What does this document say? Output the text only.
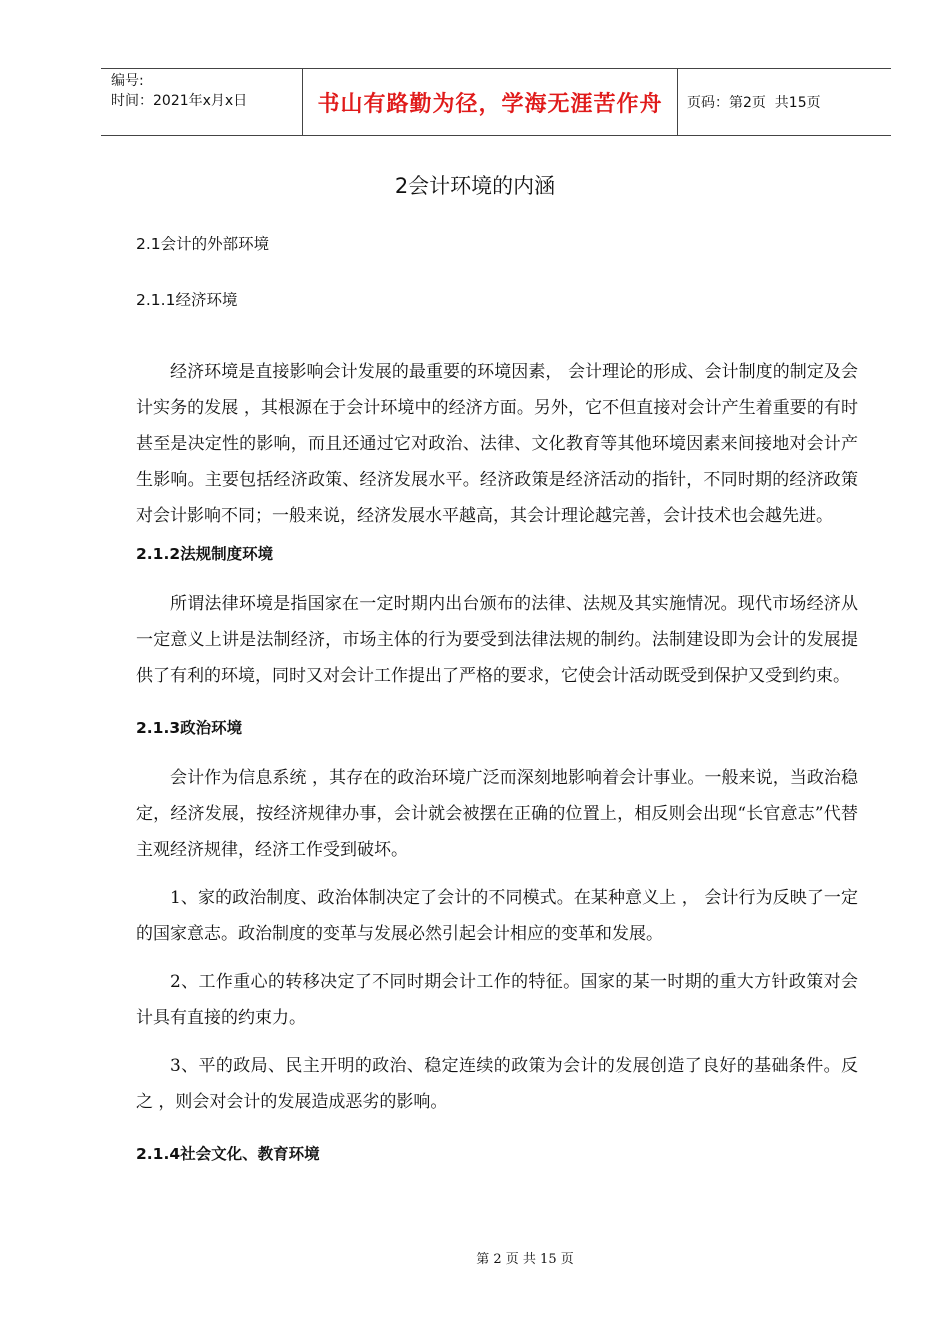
编号:
时间：2021年x月x日	书山有路勤为径，学海无涯苦作舟	页码：第2页  共15页
2会计环境的内涵
2.1会计的外部环境
2.1.1经济环境

经济环境是直接影响会计发展的最重要的环境因素， 会计理论的形成、会计制度的制定及会计实务的发展 ，其根源在于会计环境中的经济方面。另外，它不但直接对会计产生着重要的有时甚至是决定性的影响，而且还通过它对政治、法律、文化教育等其他环境因素来间接地对会计产生影响。主要包括经济政策、经济发展水平。经济政策是经济活动的指针，不同时期的经济政策对会计影响不同；一般来说，经济发展水平越高，其会计理论越完善，会计技术也会越先进。

2.1.2法规制度环境

所谓法律环境是指国家在一定时期内出台颁布的法律、法规及其实施情况。现代市场经济从一定意义上讲是法制经济，市场主体的行为要受到法律法规的制约。法制建设即为会计的发展提供了有利的环境，同时又对会计工作提出了严格的要求，它使会计活动既受到保护又受到约束。

2.1.3政治环境

会计作为信息系统 ，其存在的政治环境广泛而深刻地影响着会计事业。一般来说，当政治稳定，经济发展，按经济规律办事，会计就会被摆在正确的位置上，相反则会出现“长官意志”代替主观经济规律，经济工作受到破坏。

1、家的政治制度、政治体制决定了会计的不同模式。在某种意义上 ， 会计行为反映了一定的国家意志。政治制度的变革与发展必然引起会计相应的变革和发展。

2、工作重心的转移决定了不同时期会计工作的特征。国家的某一时期的重大方针政策对会计具有直接的约束力。

3、平的政局、民主开明的政治、稳定连续的政策为会计的发展创造了良好的基础条件。反之 ，则会对会计的发展造成恶劣的影响。

2.1.4社会文化、教育环境
第 2 页 共 15 页
